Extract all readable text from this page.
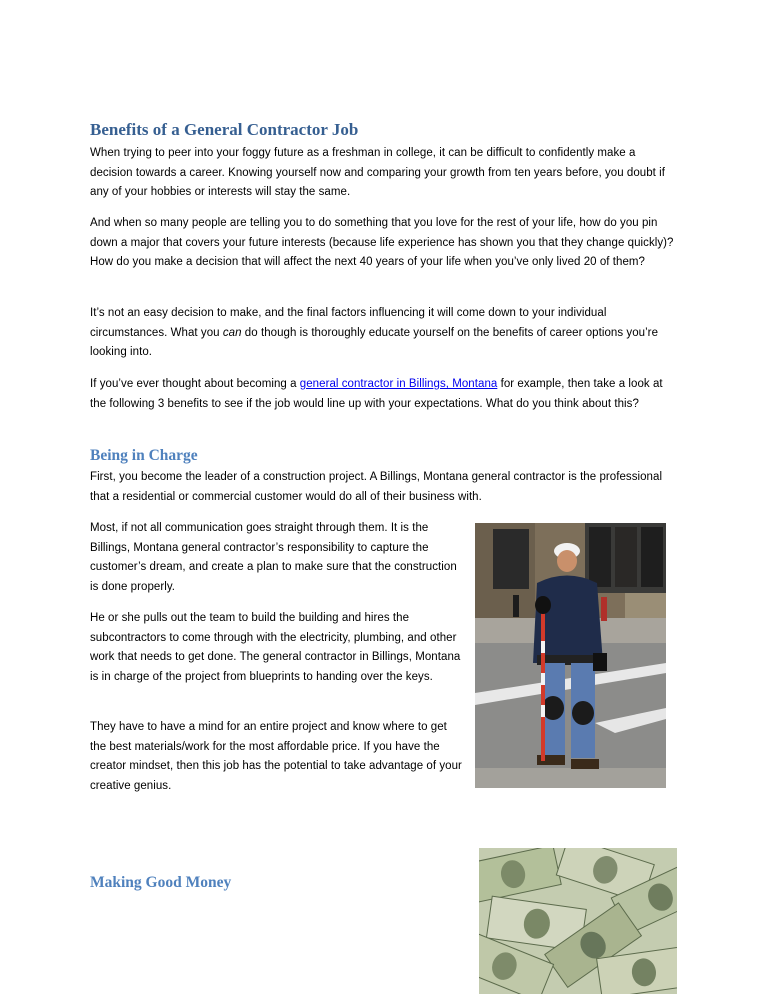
Benefits of a General Contractor Job

When trying to peer into your foggy future as a freshman in college, it can be difficult to confidently make a decision towards a career. Knowing yourself now and comparing your growth from ten years before, you doubt if any of your hobbies or interests will stay the same.

And when so many people are telling you to do something that you love for the rest of your life, how do you pin down a major that covers your future interests (because life experience has shown you that they change quickly)? How do you make a decision that will affect the next 40 years of your life when you’ve only lived 20 of them?

It’s not an easy decision to make, and the final factors influencing it will come down to your individual circumstances. What you can do though is thoroughly educate yourself on the benefits of career options you’re looking into.

If you’ve ever thought about becoming a general contractor in Billings, Montana for example, then take a look at the following 3 benefits to see if the job would line up with your expectations. What do you think about this?

Being in Charge

First, you become the leader of a construction project. A Billings, Montana general contractor is the professional that a residential or commercial customer would do all of their business with.

Most, if not all communication goes straight through them. It is the Billings, Montana general contractor’s responsibility to capture the customer’s dream, and create a plan to make sure that the construction is done properly.

He or she pulls out the team to build the building and hires the subcontractors to come through with the electricity, plumbing, and other work that needs to get done. The general contractor in Billings, Montana is in charge of the project from blueprints to handing over the keys.

They have to have a mind for an entire project and know where to get the best materials/work for the most affordable price. If you have the creator mindset, then this job has the potential to take advantage of your creative genius.

Making Good Money
